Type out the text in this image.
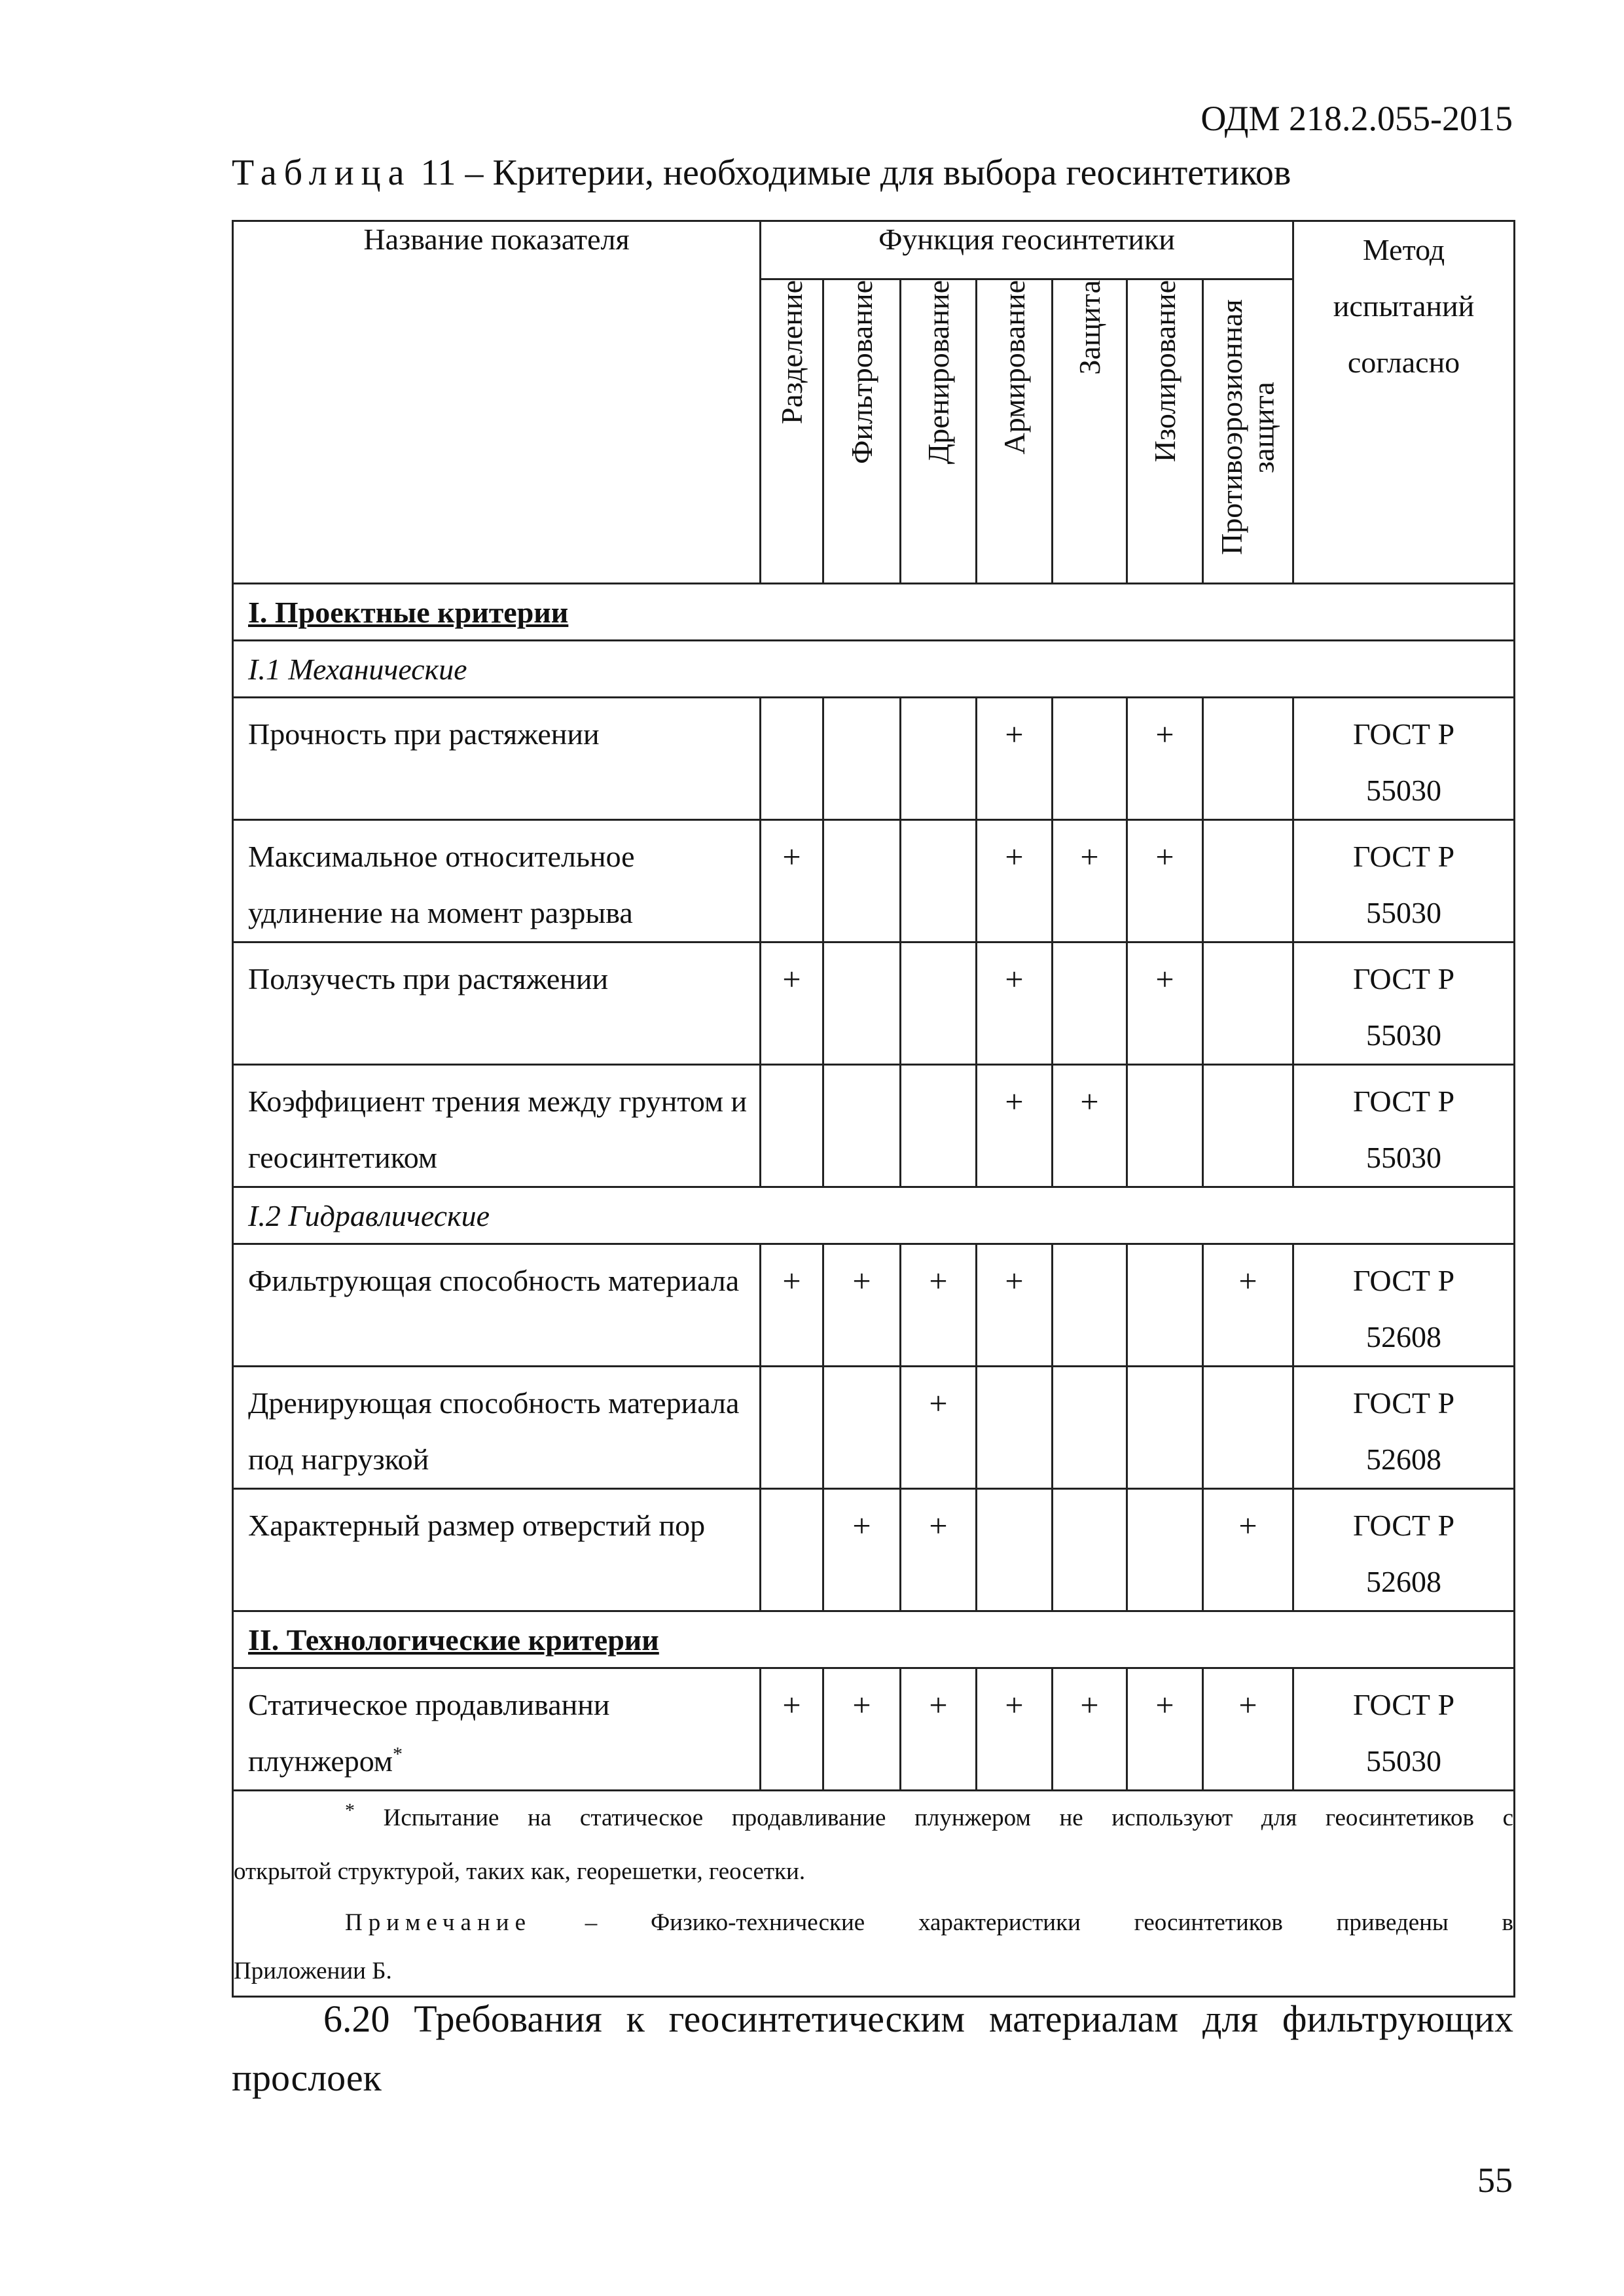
ОДМ 218.2.055-2015
Таблица 11 – Критерии, необходимые для выбора геосинтетиков
Название показателя	Функция геосинтетики							Метод
испытаний
согласно

	Разделение	Фильтрование	Дренирование	Армирование	Защита	Изолирование	Противоэрозионная защита	
I. Проектные критерии								
I.1 Механические								
Прочность при растяжении				+		+		ГОСТ Р
55030

Максимальное относительное удлинение на момент разрыва	+			+	+	+		ГОСТ Р
55030

Ползучесть при растяжении	+			+		+		ГОСТ Р
55030

Коэффициент трения между грунтом и геосинтетиком				+	+			ГОСТ Р
55030

I.2 Гидравлические								
Фильтрующая способность материала	+	+	+	+			+	ГОСТ Р
52608

Дренирующая способность материала под нагрузкой			+					ГОСТ Р
52608

Характерный размер отверстий пор		+	+				+	ГОСТ Р
52608

II. Технологические критерии								
Статическое продавливанни плунжером*	+	+	+	+	+	+	+	ГОСТ Р
55030

* Испытание на статическое продавливание плунжером не используют для геосинтетиков с
открытой структурой, таких как, георешетки, геосетки.
Примечание – Физико-технические характеристики геосинтетиков приведены в
Приложении Б.								
6.20 Требования к геосинтетическим материалам для фильтрующих
прослоек
55
